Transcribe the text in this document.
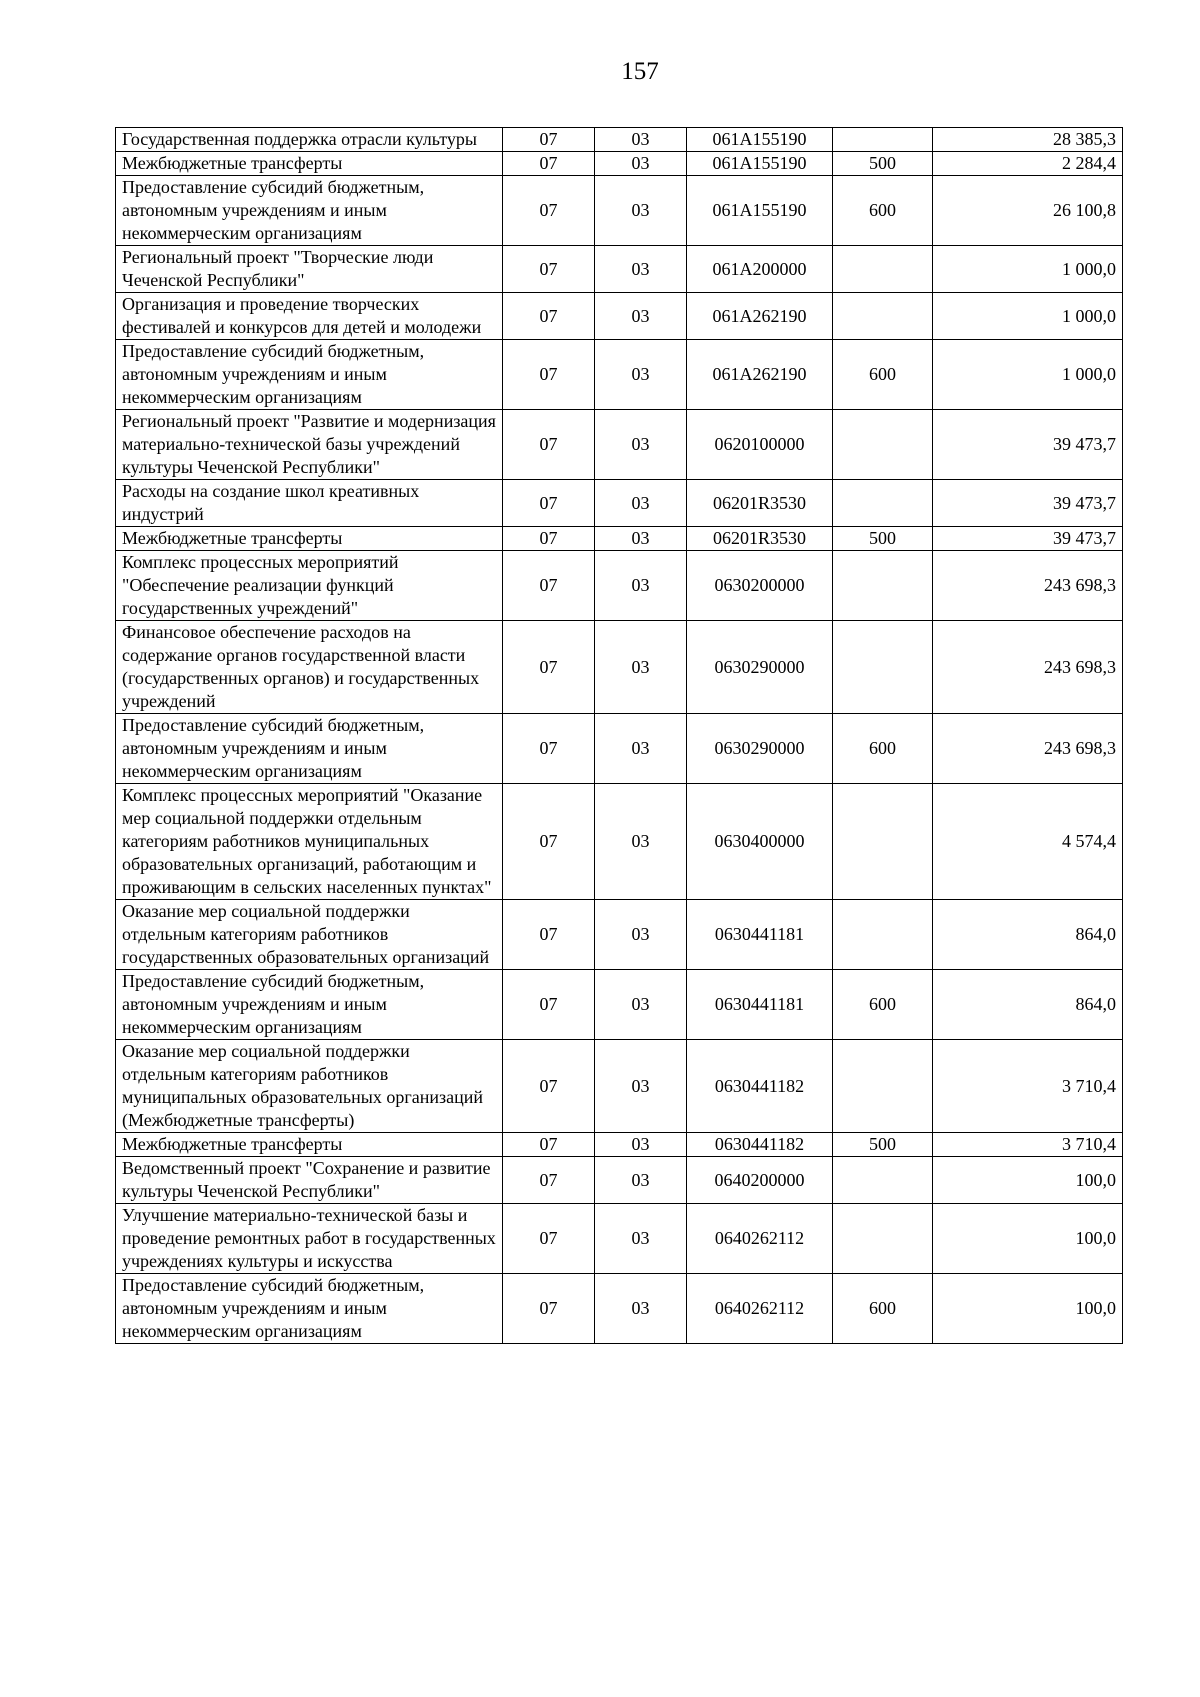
157
Государственная поддержка отрасли культуры	07	03	061A155190		28 385,3
Межбюджетные трансферты	07	03	061A155190	500	2 284,4
Предоставление субсидий бюджетным, автономным учреждениям и иным некоммерческим организациям	07	03	061A155190	600	26 100,8
Региональный проект "Творческие люди Чеченской Республики"	07	03	061A200000		1 000,0
Организация и проведение творческих фестивалей и конкурсов для детей и молодежи	07	03	061A262190		1 000,0
Предоставление субсидий бюджетным, автономным учреждениям и иным некоммерческим организациям	07	03	061A262190	600	1 000,0
Региональный проект "Развитие и модернизация материально-технической базы учреждений культуры Чеченской Республики"	07	03	0620100000		39 473,7
Расходы на создание школ креативных индустрий	07	03	06201R3530		39 473,7
Межбюджетные трансферты	07	03	06201R3530	500	39 473,7
Комплекс процессных мероприятий "Обеспечение реализации функций государственных учреждений"	07	03	0630200000		243 698,3
Финансовое обеспечение расходов на содержание органов государственной власти (государственных органов) и государственных учреждений	07	03	0630290000		243 698,3
Предоставление субсидий бюджетным, автономным учреждениям и иным некоммерческим организациям	07	03	0630290000	600	243 698,3
Комплекс процессных мероприятий "Оказание мер социальной поддержки отдельным категориям работников муниципальных образовательных организаций, работающим и проживающим в сельских населенных пунктах"	07	03	0630400000		4 574,4
Оказание мер социальной поддержки отдельным категориям работников государственных образовательных организаций	07	03	0630441181		864,0
Предоставление субсидий бюджетным, автономным учреждениям и иным некоммерческим организациям	07	03	0630441181	600	864,0
Оказание мер социальной поддержки отдельным категориям работников муниципальных образовательных организаций (Межбюджетные трансферты)	07	03	0630441182		3 710,4
Межбюджетные трансферты	07	03	0630441182	500	3 710,4
Ведомственный проект "Сохранение и развитие культуры Чеченской Республики"	07	03	0640200000		100,0
Улучшение материально-технической базы и проведение ремонтных работ в государственных учреждениях культуры и искусства	07	03	0640262112		100,0
Предоставление субсидий бюджетным, автономным учреждениям и иным некоммерческим организациям	07	03	0640262112	600	100,0
